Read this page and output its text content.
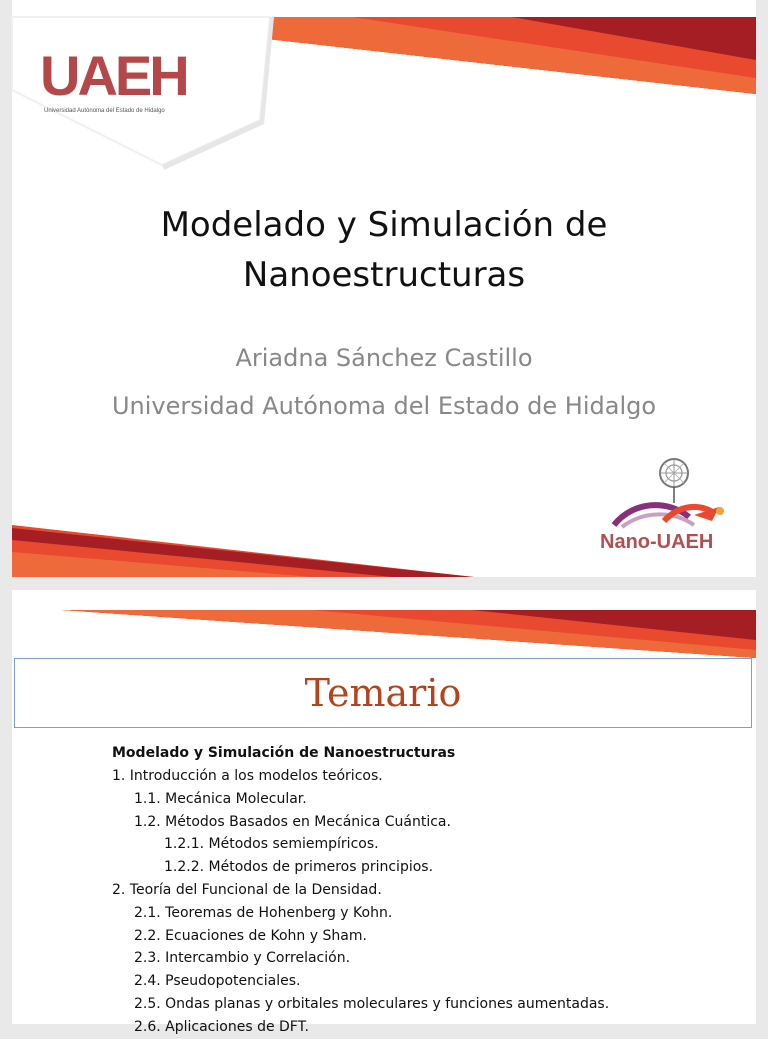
UAEH
Universidad Autónoma del Estado de Hidalgo
Modelado y Simulación de
Nanoestructuras
Ariadna Sánchez Castillo
Universidad Autónoma del Estado de Hidalgo
Nano-UAEH
Temario
Modelado y Simulación de Nanoestructuras
1. Introducción a los modelos teóricos.
1.1. Mecánica Molecular.
1.2. Métodos Basados en Mecánica Cuántica.
1.2.1. Métodos semiempíricos.
1.2.2. Métodos de primeros principios.
2. Teoría del Funcional de la Densidad.
2.1. Teoremas de Hohenberg y Kohn.
2.2. Ecuaciones de Kohn y Sham.
2.3. Intercambio y Correlación.
2.4. Pseudopotenciales.
2.5. Ondas planas y orbitales moleculares y funciones aumentadas.
2.6. Aplicaciones de DFT.
